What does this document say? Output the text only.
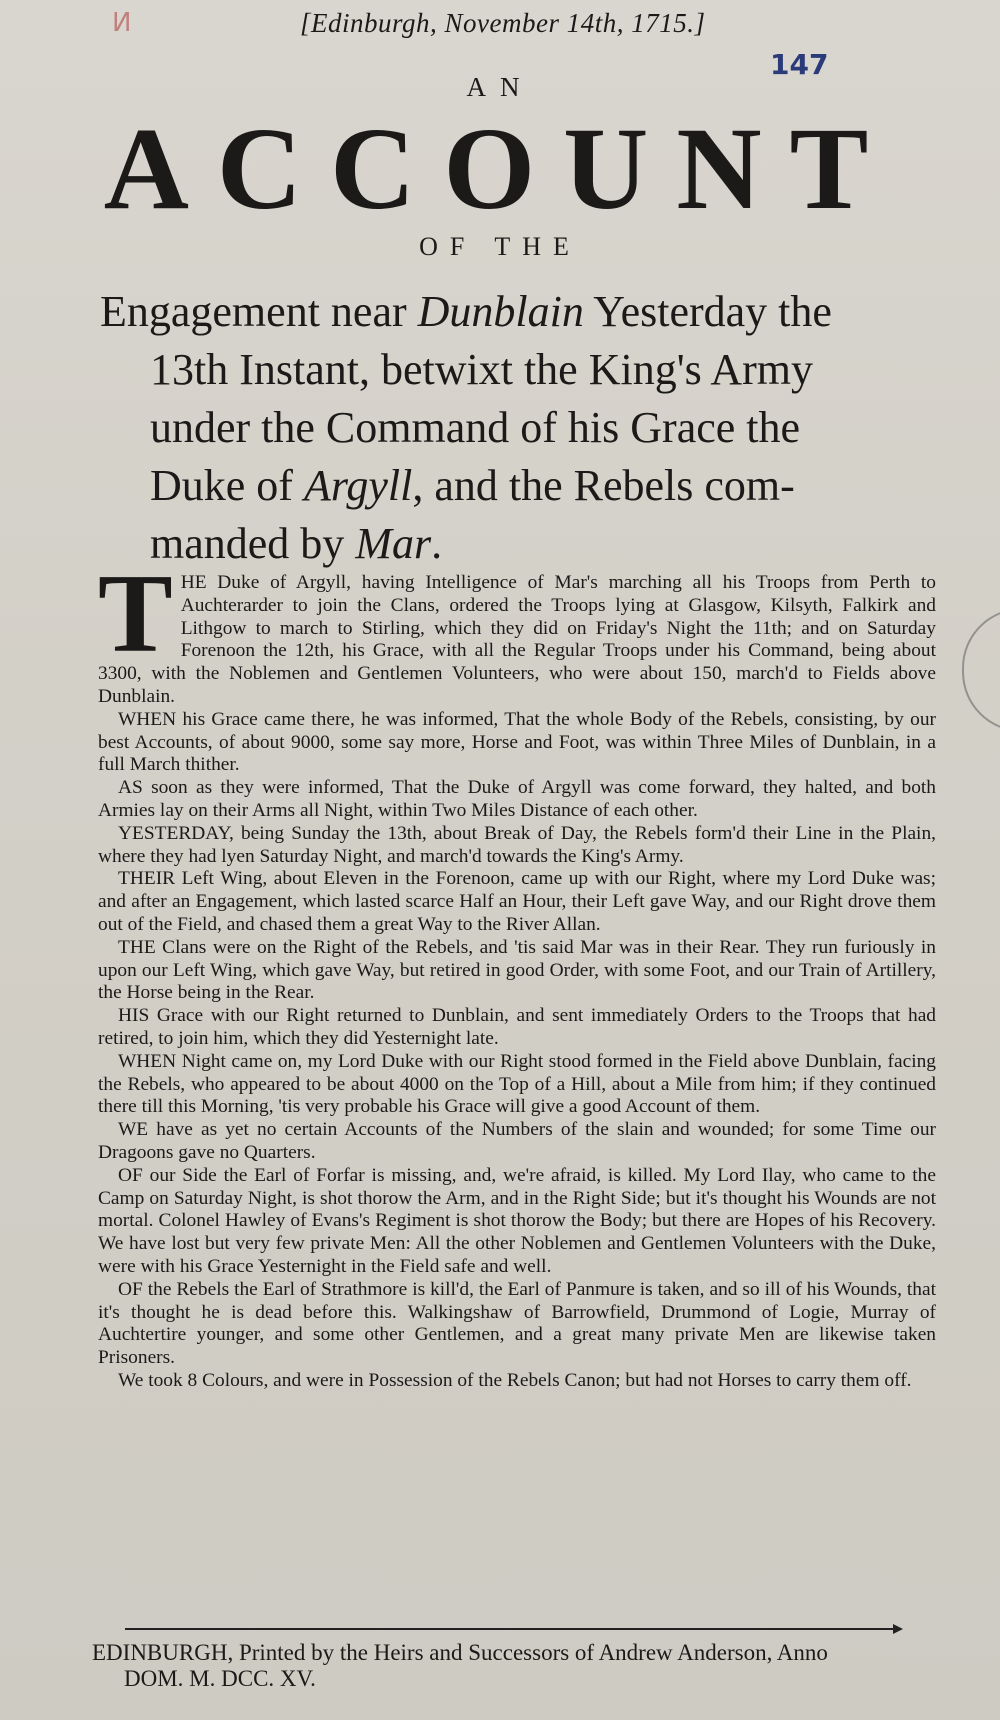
И	[Edinburgh, November 14th, 1715.]
147
AN
ACCOUNT
OF THE
Engagement near Dunblain Yesterday the
13th Instant, betwixt the King's Army
under the Command of his Grace the
Duke of Argyll, and the Rebels com-
manded by Mar.

THE Duke of Argyll, having Intelligence of Mar's marching all his Troops from Perth to Auchterarder to join the Clans, ordered the Troops lying at Glasgow, Kilsyth, Falkirk and Lithgow to march to Stirling, which they did on Friday's Night the 11th; and on Saturday Forenoon the 12th, his Grace, with all the Regular Troops under his Command, being about 3300, with the Noblemen and Gentlemen Volunteers, who were about 150, march'd to Fields above Dunblain.

WHEN his Grace came there, he was informed, That the whole Body of the Rebels, consisting, by our best Accounts, of about 9000, some say more, Horse and Foot, was within Three Miles of Dunblain, in a full March thither.

AS soon as they were informed, That the Duke of Argyll was come forward, they halted, and both Armies lay on their Arms all Night, within Two Miles Distance of each other.

YESTERDAY, being Sunday the 13th, about Break of Day, the Rebels form'd their Line in the Plain, where they had lyen Saturday Night, and march'd towards the King's Army.

THEIR Left Wing, about Eleven in the Forenoon, came up with our Right, where my Lord Duke was; and after an Engagement, which lasted scarce Half an Hour, their Left gave Way, and our Right drove them out of the Field, and chased them a great Way to the River Allan.

THE Clans were on the Right of the Rebels, and 'tis said Mar was in their Rear. They run furiously in upon our Left Wing, which gave Way, but retired in good Order, with some Foot, and our Train of Artillery, the Horse being in the Rear.

HIS Grace with our Right returned to Dunblain, and sent immediately Orders to the Troops that had retired, to join him, which they did Yesternight late.

WHEN Night came on, my Lord Duke with our Right stood formed in the Field above Dunblain, facing the Rebels, who appeared to be about 4000 on the Top of a Hill, about a Mile from him; if they continued there till this Morning, 'tis very probable his Grace will give a good Account of them.

WE have as yet no certain Accounts of the Numbers of the slain and wounded; for some Time our Dragoons gave no Quarters.

OF our Side the Earl of Forfar is missing, and, we're afraid, is killed. My Lord Ilay, who came to the Camp on Saturday Night, is shot thorow the Arm, and in the Right Side; but it's thought his Wounds are not mortal. Colonel Hawley of Evans's Regiment is shot thorow the Body; but there are Hopes of his Recovery. We have lost but very few private Men: All the other Noblemen and Gentlemen Volunteers with the Duke, were with his Grace Yesternight in the Field safe and well.

OF the Rebels the Earl of Strathmore is kill'd, the Earl of Panmure is taken, and so ill of his Wounds, that it's thought he is dead before this. Walkingshaw of Barrowfield, Drummond of Logie, Murray of Auchtertire younger, and some other Gentlemen, and a great many private Men are likewise taken Prisoners.

We took 8 Colours, and were in Possession of the Rebels Canon; but had not Horses to carry them off.

EDINBURGH, Printed by the Heirs and Successors of Andrew Anderson, Anno
DOM. M. DCC. XV.
